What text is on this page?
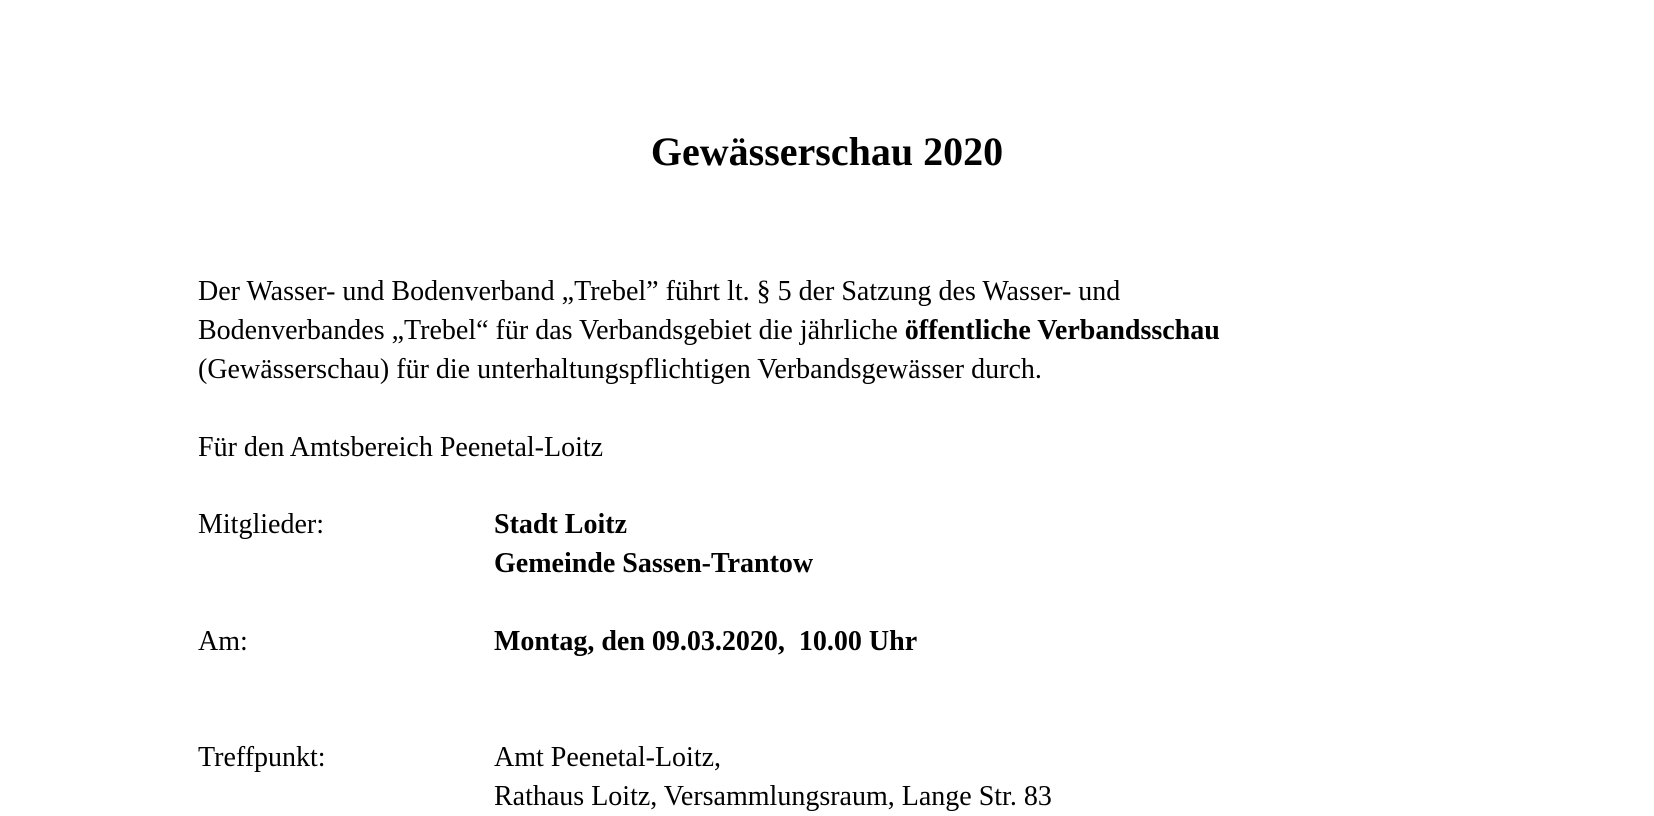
Gewässerschau 2020

Der Wasser- und Bodenverband „Trebel” führt lt. § 5 der Satzung des Wasser- und
Bodenverbandes „Trebel“ für das Verbandsgebiet die jährliche öffentliche Verbandsschau
(Gewässerschau) für die unterhaltungspflichtigen Verbandsgewässer durch.

Für den Amtsbereich Peenetal-Loitz

Mitglieder:	Stadt Loitz
Gemeinde Sassen-Trantow
Am:	Montag, den 09.03.2020,  10.00 Uhr
Treffpunkt:	Amt Peenetal-Loitz,
Rathaus Loitz, Versammlungsraum, Lange Str. 83
